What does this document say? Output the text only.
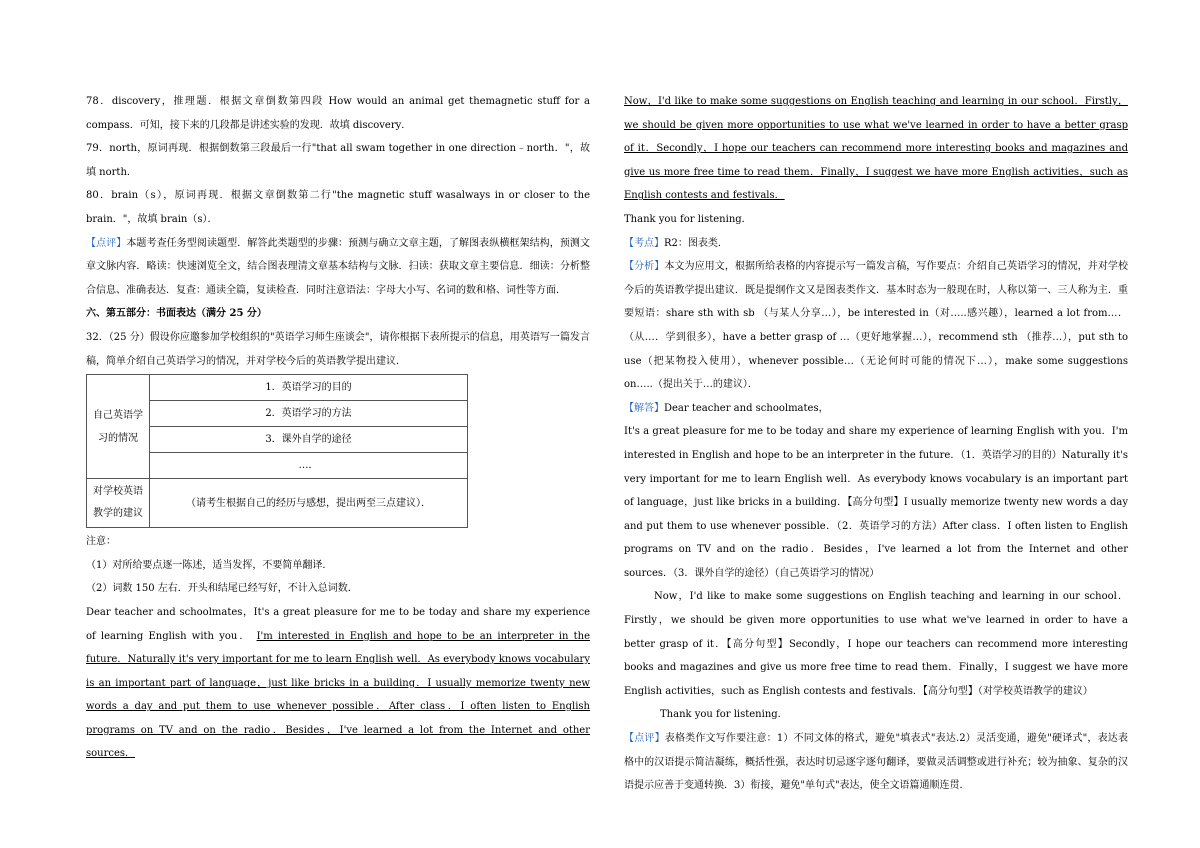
78．discovery，推理题．根据文章倒数第四段 How would an animal get themagnetic stuff for a compass．可知，接下来的几段都是讲述实验的发现．故填 discovery．

79．north，原词再现．根据倒数第三段最后一行"that all swam together in one direction﹣north．"，故填 north．

80．brain（s），原词再现．根据文章倒数第二行"the magnetic stuff wasalways in or closer to the brain．"，故填 brain（s）．

【点评】本题考查任务型阅读题型．解答此类题型的步骤：预测与确立文章主题，了解图表纵横框架结构，预测文章文脉内容．略读：快速浏览全文，结合图表理清文章基本结构与文脉．扫读：获取文章主要信息．细读：分析整合信息、准确表达．复查：通读全篇，复读检查．同时注意语法：字母大小写、名词的数和格、词性等方面．

六、第五部分：书面表达（满分 25 分）

32．（25 分）假设你应邀参加学校组织的"英语学习师生座谈会"，请你根据下表所提示的信息，用英语写一篇发言稿，简单介绍自己英语学习的情况，并对学校今后的英语教学提出建议．

自己英语学习的情况	1．英语学习的目的
	2．英语学习的方法
	3．课外自学的途径
	…．
对学校英语教学的建议	（请考生根据自己的经历与感想，提出两至三点建议）．

注意：

（1）对所给要点逐一陈述，适当发挥，不要简单翻译．

（2）词数 150 左右．开头和结尾已经写好，不计入总词数．

Dear teacher and schoolmates，It's a great pleasure for me to be today and share my experience of learning English with you． I'm interested in English and hope to be an interpreter in the future．Naturally it's very important for me to learn English well．As everybody knows vocabulary is an important part of language，just like bricks in a building．I usually memorize twenty new words a day and put them to use whenever possible．After class．I often listen to English programs on TV and on the radio．Besides，I've learned a lot from the Internet and other sources．

Now，I'd like to make some suggestions on English teaching and learning in our school．Firstly，we should be given more opportunities to use what we've learned in order to have a better grasp of it．Secondly，I hope our teachers can recommend more interesting books and magazines and give us more free time to read them．Finally，I suggest we have more English activities，such as English contests and festivals．

Thank you for listening．

【考点】R2：图表类．

【分析】本文为应用文，根据所给表格的内容提示写一篇发言稿，写作要点：介绍自己英语学习的情况，并对学校今后的英语教学提出建议．既是提纲作文又是图表类作文．基本时态为一般现在时，人称以第一、三人称为主．重要短语：share sth with sb （与某人分享…），be interested in（对…..感兴趣），learned a lot from…．（从…．学到很多），have a better grasp of …（更好地掌握…），recommend sth （推荐…），put sth to use（把某物投入使用），whenever possible…（无论何时可能的情况下…），make some suggestions on…..（提出关于…的建议）．

【解答】Dear teacher and schoolmates，

It's a great pleasure for me to be today and share my experience of learning English with you．I'm interested in English and hope to be an interpreter in the future．（1．英语学习的目的）Naturally it's very important for me to learn English well．As everybody knows vocabulary is an important part of language，just like bricks in a building．【高分句型】I usually memorize twenty new words a day and put them to use whenever possible．（2．英语学习的方法）After class．I often listen to English programs on TV and on the radio．Besides，I've learned a lot from the Internet and other sources．（3．课外自学的途径）（自己英语学习的情况）

Now，I'd like to make some suggestions on English teaching and learning in our school．Firstly，we should be given more opportunities to use what we've learned in order to have a better grasp of it．【高分句型】Secondly，I hope our teachers can recommend more interesting books and magazines and give us more free time to read them．Finally，I suggest we have more English activities，such as English contests and festivals．【高分句型】（对学校英语教学的建议）

Thank you for listening．

【点评】表格类作文写作要注意：1）不同文体的格式，避免"填表式"表达.2）灵活变通，避免"硬译式"，表达表格中的汉语提示简洁凝练，概括性强，表达时切忌逐字逐句翻译，要做灵活调整或进行补充；较为抽象、复杂的汉语提示应善于变通转换．3）衔接，避免"单句式"表达，使全文语篇通顺连贯．
